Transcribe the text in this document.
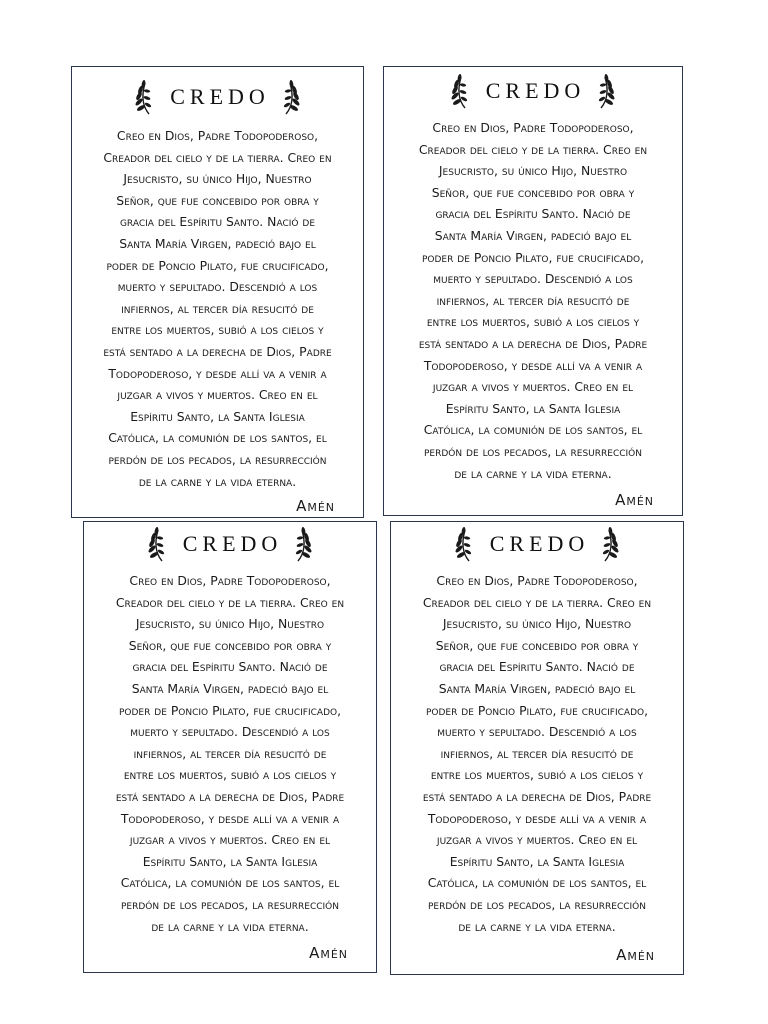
CREDO
Creo en Dios, Padre Todopoderoso,
Creador del cielo y de la tierra. Creo en
Jesucristo, su único Hijo, Nuestro
Señor, que fue concebido por obra y
gracia del Espíritu Santo. Nació de
Santa María Virgen, padeció bajo el
poder de Poncio Pilato, fue crucificado,
muerto y sepultado. Descendió a los
infiernos, al tercer día resucitó de
entre los muertos, subió a los cielos y
está sentado a la derecha de Dios, Padre
Todopoderoso, y desde allí va a venir a
juzgar a vivos y muertos. Creo en el
Espíritu Santo, la Santa Iglesia
Católica, la comunión de los santos, el
perdón de los pecados, la resurrección
de la carne y la vida eterna.
Amén
CREDO
Creo en Dios, Padre Todopoderoso,
Creador del cielo y de la tierra. Creo en
Jesucristo, su único Hijo, Nuestro
Señor, que fue concebido por obra y
gracia del Espíritu Santo. Nació de
Santa María Virgen, padeció bajo el
poder de Poncio Pilato, fue crucificado,
muerto y sepultado. Descendió a los
infiernos, al tercer día resucitó de
entre los muertos, subió a los cielos y
está sentado a la derecha de Dios, Padre
Todopoderoso, y desde allí va a venir a
juzgar a vivos y muertos. Creo en el
Espíritu Santo, la Santa Iglesia
Católica, la comunión de los santos, el
perdón de los pecados, la resurrección
de la carne y la vida eterna.
Amén
CREDO
Creo en Dios, Padre Todopoderoso,
Creador del cielo y de la tierra. Creo en
Jesucristo, su único Hijo, Nuestro
Señor, que fue concebido por obra y
gracia del Espíritu Santo. Nació de
Santa María Virgen, padeció bajo el
poder de Poncio Pilato, fue crucificado,
muerto y sepultado. Descendió a los
infiernos, al tercer día resucitó de
entre los muertos, subió a los cielos y
está sentado a la derecha de Dios, Padre
Todopoderoso, y desde allí va a venir a
juzgar a vivos y muertos. Creo en el
Espíritu Santo, la Santa Iglesia
Católica, la comunión de los santos, el
perdón de los pecados, la resurrección
de la carne y la vida eterna.
Amén
CREDO
Creo en Dios, Padre Todopoderoso,
Creador del cielo y de la tierra. Creo en
Jesucristo, su único Hijo, Nuestro
Señor, que fue concebido por obra y
gracia del Espíritu Santo. Nació de
Santa María Virgen, padeció bajo el
poder de Poncio Pilato, fue crucificado,
muerto y sepultado. Descendió a los
infiernos, al tercer día resucitó de
entre los muertos, subió a los cielos y
está sentado a la derecha de Dios, Padre
Todopoderoso, y desde allí va a venir a
juzgar a vivos y muertos. Creo en el
Espíritu Santo, la Santa Iglesia
Católica, la comunión de los santos, el
perdón de los pecados, la resurrección
de la carne y la vida eterna.
Amén
